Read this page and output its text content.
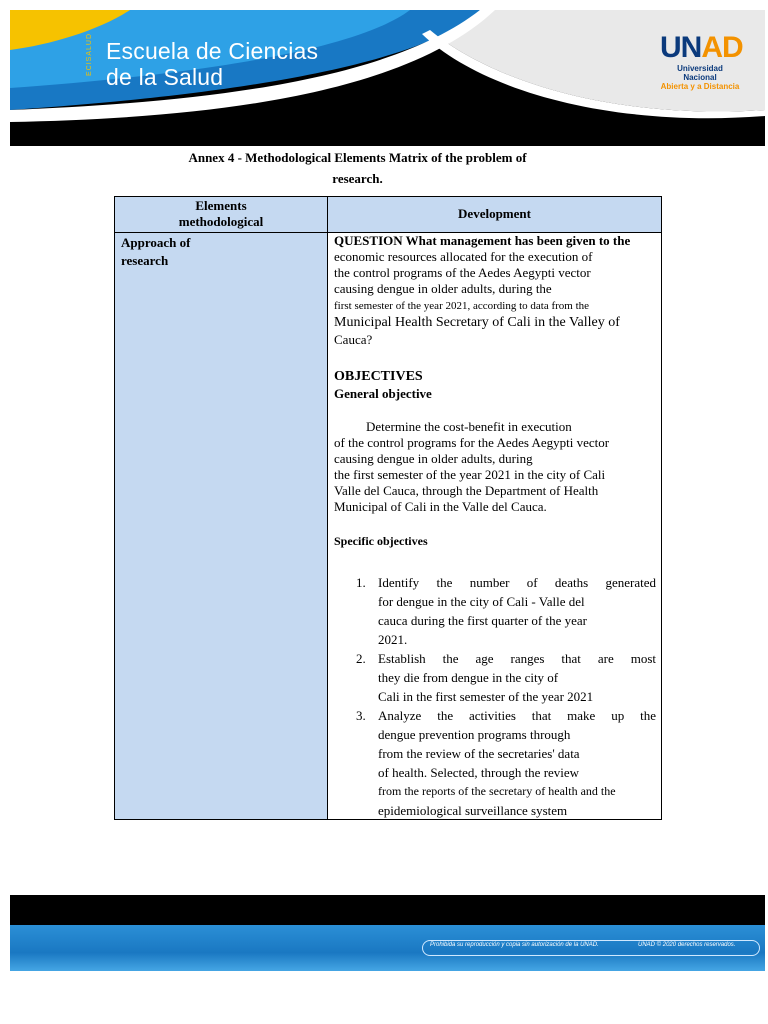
ECISALUD Escuela de Ciencias
de la Salud
UNAD
Universidad Nacional
Abierta y a Distancia
Phase 4. Devel
Annex 4 - Methodological Elements Matrix of the problem of
research.
Elements
methodological
Development
Approach of
research

QUESTION What management has been given to the
economic resources allocated for the execution of
the control programs of the Aedes Aegypti vector
causing dengue in older adults, during the
first semester of the year 2021, according to data from the
Municipal Health Secretary of Cali in the Valley of
Cauca?

OBJECTIVES

General objective

Determine the cost-benefit in execution
of the control programs for the Aedes Aegypti vector
causing dengue in older adults, during
the first semester of the year 2021 in the city of Cali
Valle del Cauca, through the Department of Health
Municipal of Cali in the Valle del Cauca.

Specific objectives

1. Identify the number of deaths generated
for dengue in the city of Cali - Valle del
cauca during the first quarter of the year
2021.
2. Establish the age ranges that are most
they die from dengue in the city of
Cali in the first semester of the year 2021
3. Analyze the activities that make up the
dengue prevention programs through
from the review of the secretaries' data
of health. Selected, through the review
from the reports of the secretary of health and the
epidemiological surveillance system
Prohibida su reproducción y copia sin autorización de la UNAD.	UNAD © 2020 derechos reservados.
